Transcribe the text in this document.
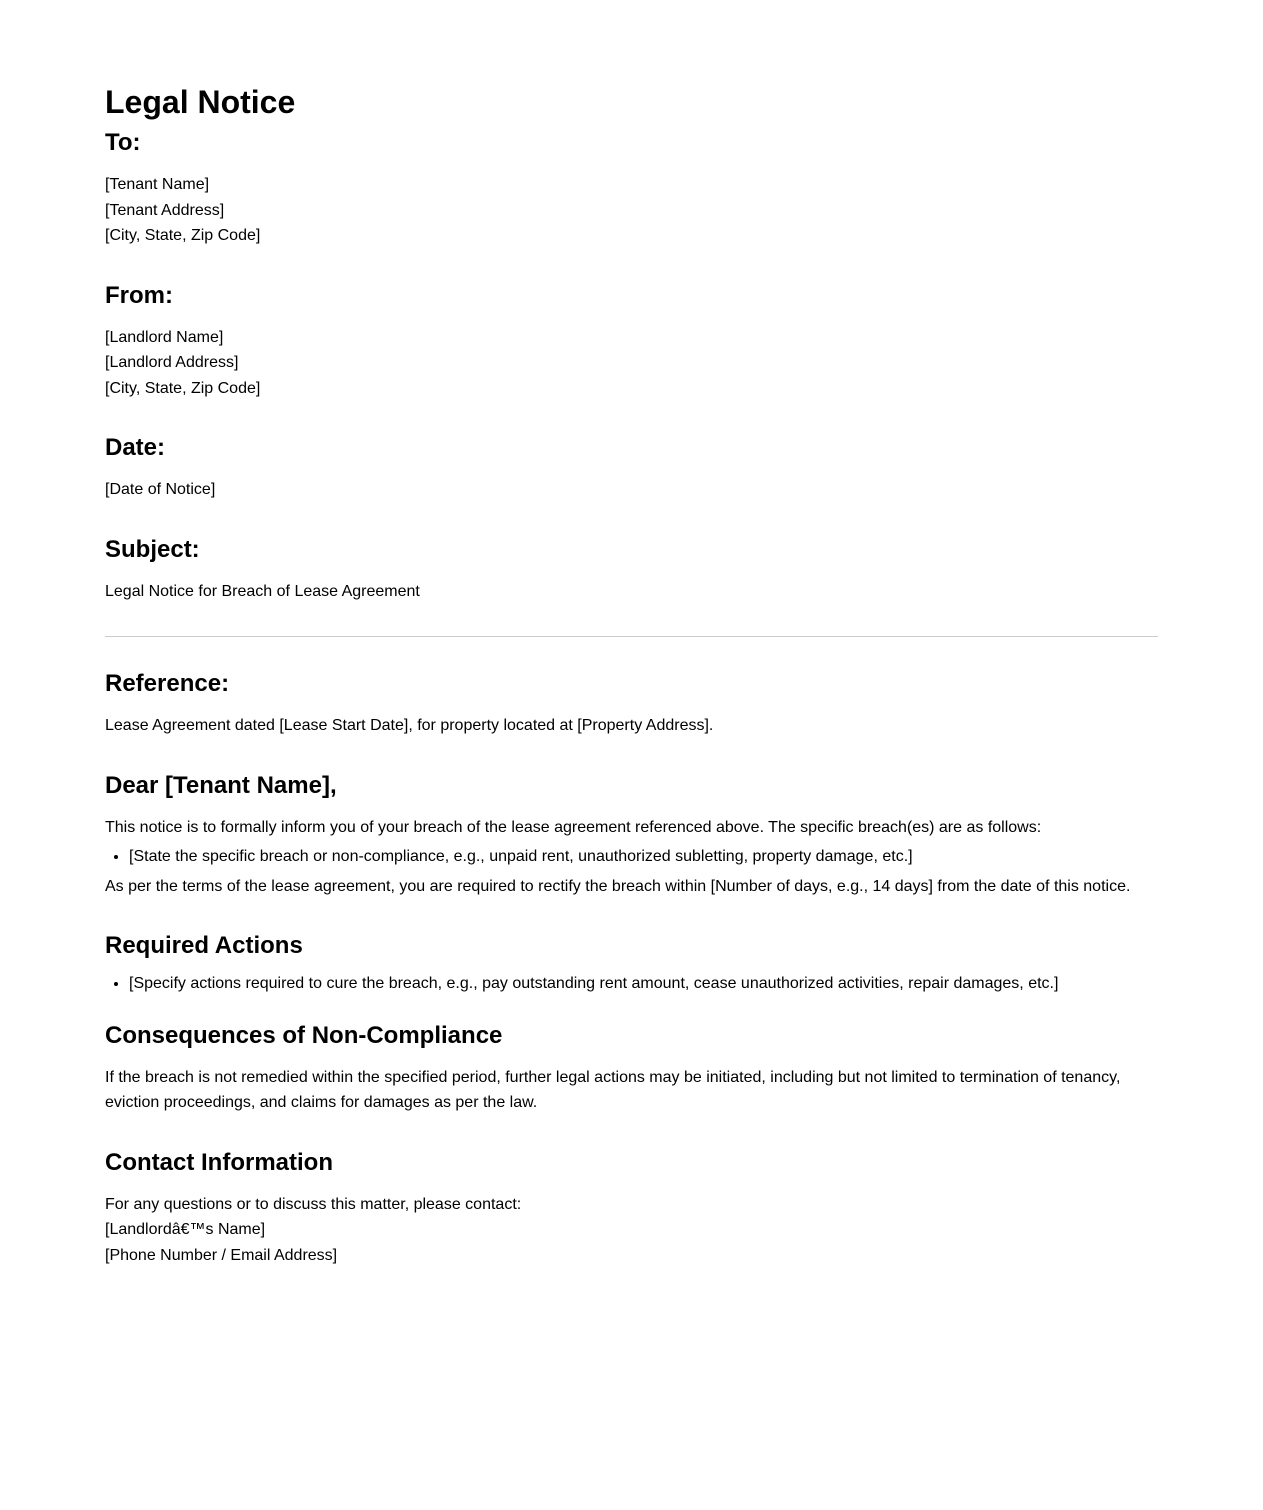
Legal Notice
To:

[Tenant Name]
[Tenant Address]
[City, State, Zip Code]

From:

[Landlord Name]
[Landlord Address]
[City, State, Zip Code]

Date:

[Date of Notice]

Subject:

Legal Notice for Breach of Lease Agreement

Reference:

Lease Agreement dated [Lease Start Date], for property located at [Property Address].

Dear [Tenant Name],

This notice is to formally inform you of your breach of the lease agreement referenced above. The specific breach(es) are as follows:

• [State the specific breach or non-compliance, e.g., unpaid rent, unauthorized subletting, property damage, etc.]

As per the terms of the lease agreement, you are required to rectify the breach within [Number of days, e.g., 14 days] from the date of this notice.

Required Actions
• [Specify actions required to cure the breach, e.g., pay outstanding rent amount, cease unauthorized activities, repair damages, etc.]
Consequences of Non-Compliance

If the breach is not remedied within the specified period, further legal actions may be initiated, including but not limited to termination of tenancy, eviction proceedings, and claims for damages as per the law.

Contact Information

For any questions or to discuss this matter, please contact:
[Landlordâ€™s Name]
[Phone Number / Email Address]
